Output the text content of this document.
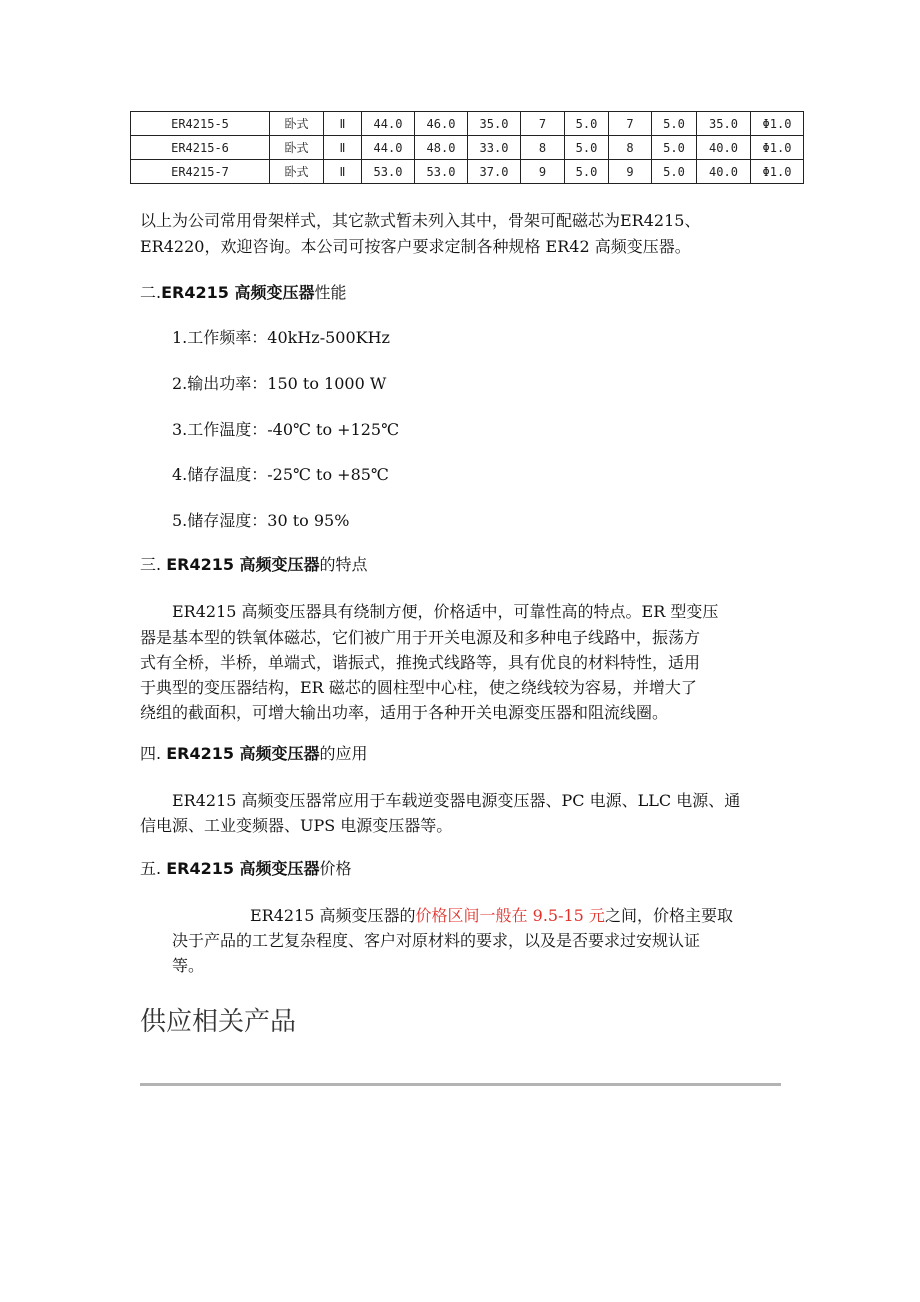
ER4215-5	卧式	Ⅱ	44.0	46.0	35.0	7	5.0	7	5.0	35.0	Φ1.0
ER4215-6	卧式	Ⅱ	44.0	48.0	33.0	8	5.0	8	5.0	40.0	Φ1.0
ER4215-7	卧式	Ⅱ	53.0	53.0	37.0	9	5.0	9	5.0	40.0	Φ1.0

以上为公司常用骨架样式，其它款式暂未列入其中，骨架可配磁芯为ER4215、

ER4220，欢迎咨询。本公司可按客户要求定制各种规格 ER42 高频变压器。

二.ER4215 高频变压器性能

1.工作频率：40kHz-500KHz

2.输出功率：150 to 1000 W

3.工作温度：-40℃ to +125℃

4.储存温度：-25℃ to +85℃

5.储存湿度：30 to 95%

三. ER4215 高频变压器的特点

ER4215 高频变压器具有绕制方便，价格适中，可靠性高的特点。ER 型变压

器是基本型的铁氧体磁芯，它们被广用于开关电源及和多种电子线路中，振荡方

式有全桥，半桥，单端式，谐振式，推挽式线路等，具有优良的材料特性，适用

于典型的变压器结构，ER 磁芯的圆柱型中心柱，使之绕线较为容易，并增大了

绕组的截面积，可增大输出功率，适用于各种开关电源变压器和阻流线圈。

四. ER4215 高频变压器的应用

ER4215 高频变压器常应用于车载逆变器电源变压器、PC 电源、LLC 电源、通

信电源、工业变频器、UPS 电源变压器等。

五. ER4215 高频变压器价格

ER4215 高频变压器的价格区间一般在 9.5-15 元之间，价格主要取

决于产品的工艺复杂程度、客户对原材料的要求，以及是否要求过安规认证

等。

供应相关产品
